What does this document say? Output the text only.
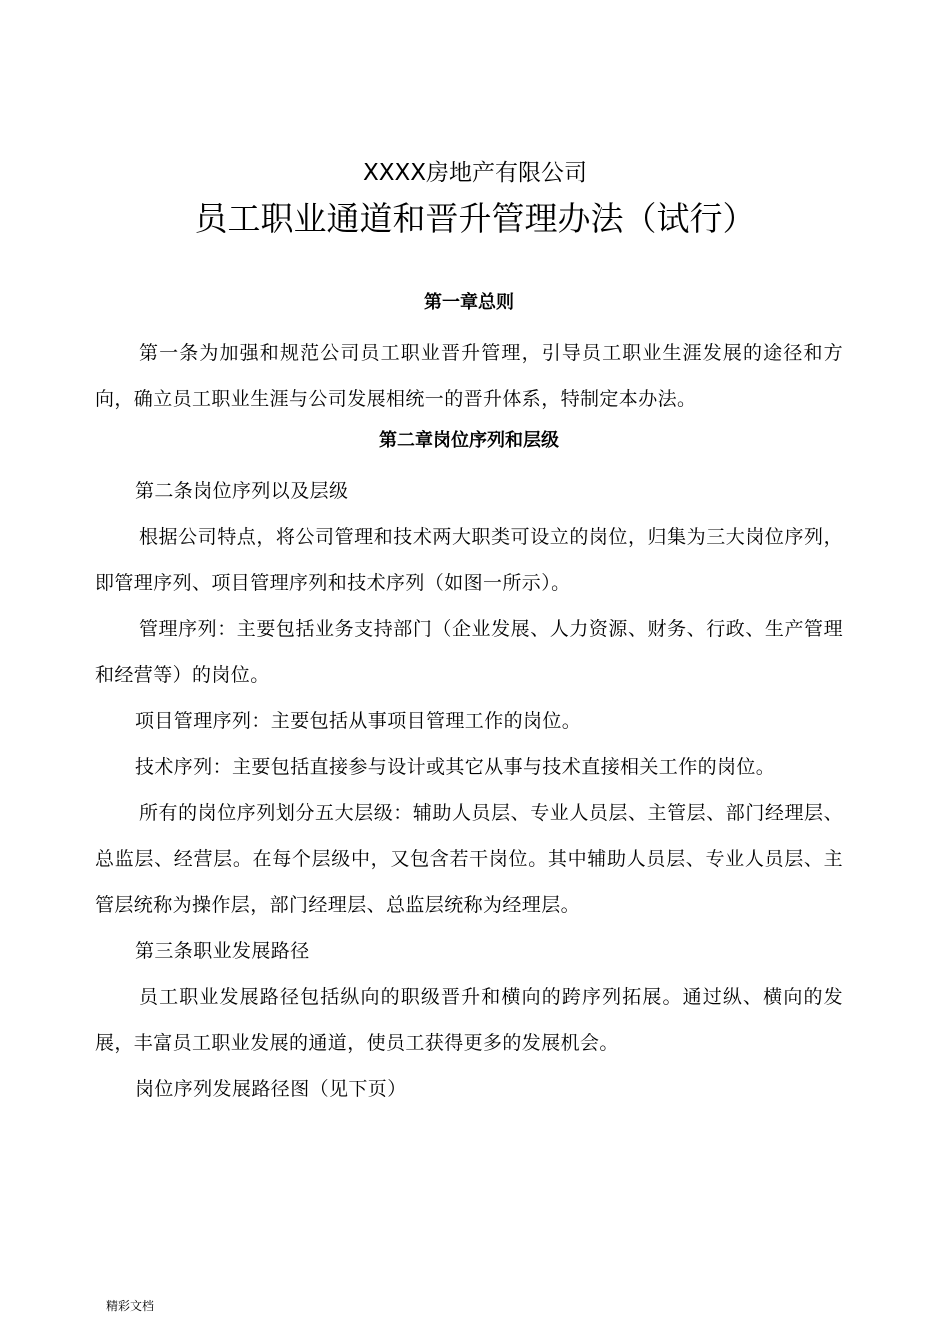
XXXX房地产有限公司
员工职业通道和晋升管理办法（试行）
第一章总则

第一条为加强和规范公司员工职业晋升管理，引导员工职业生涯发展的途径和方向，确立员工职业生涯与公司发展相统一的晋升体系，特制定本办法。

第二章岗位序列和层级

第二条岗位序列以及层级

根据公司特点，将公司管理和技术两大职类可设立的岗位，归集为三大岗位序列，即管理序列、项目管理序列和技术序列（如图一所示）。

管理序列：主要包括业务支持部门（企业发展、人力资源、财务、行政、生产管理和经营等）的岗位。

项目管理序列：主要包括从事项目管理工作的岗位。

技术序列：主要包括直接参与设计或其它从事与技术直接相关工作的岗位。

所有的岗位序列划分五大层级：辅助人员层、专业人员层、主管层、部门经理层、总监层、经营层。在每个层级中，又包含若干岗位。其中辅助人员层、专业人员层、主管层统称为操作层，部门经理层、总监层统称为经理层。

第三条职业发展路径

员工职业发展路径包括纵向的职级晋升和横向的跨序列拓展。通过纵、横向的发展，丰富员工职业发展的通道，使员工获得更多的发展机会。

岗位序列发展路径图（见下页）

精彩文档
